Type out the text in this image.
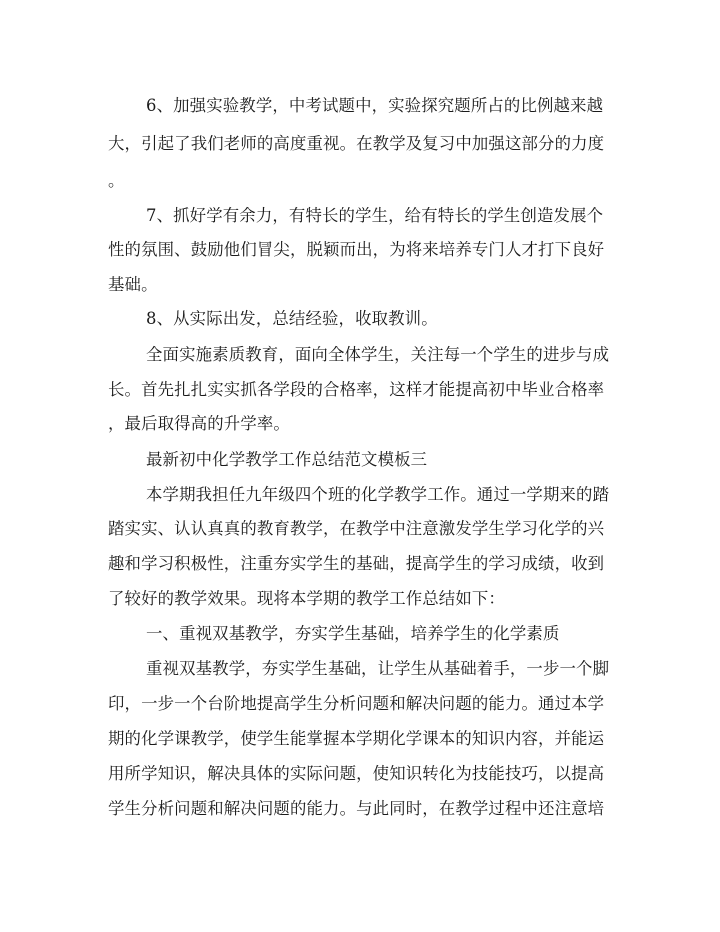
6、加强实验教学，中考试题中，实验探究题所占的比例越来越
大，引起了我们老师的高度重视。在教学及复习中加强这部分的力度
。
7、抓好学有余力，有特长的学生，给有特长的学生创造发展个
性的氛围、鼓励他们冒尖，脱颖而出，为将来培养专门人才打下良好
基础。
8、从实际出发，总结经验，收取教训。
全面实施素质教育，面向全体学生，关注每一个学生的进步与成
长。首先扎扎实实抓各学段的合格率，这样才能提高初中毕业合格率
，最后取得高的升学率。
最新初中化学教学工作总结范文模板三
本学期我担任九年级四个班的化学教学工作。通过一学期来的踏
踏实实、认认真真的教育教学，在教学中注意激发学生学习化学的兴
趣和学习积极性，注重夯实学生的基础，提高学生的学习成绩，收到
了较好的教学效果。现将本学期的教学工作总结如下：
一、重视双基教学，夯实学生基础，培养学生的化学素质
重视双基教学，夯实学生基础，让学生从基础着手，一步一个脚
印，一步一个台阶地提高学生分析问题和解决问题的能力。通过本学
期的化学课教学，使学生能掌握本学期化学课本的知识内容，并能运
用所学知识，解决具体的实际问题，使知识转化为技能技巧，以提高
学生分析问题和解决问题的能力。与此同时，在教学过程中还注意培
